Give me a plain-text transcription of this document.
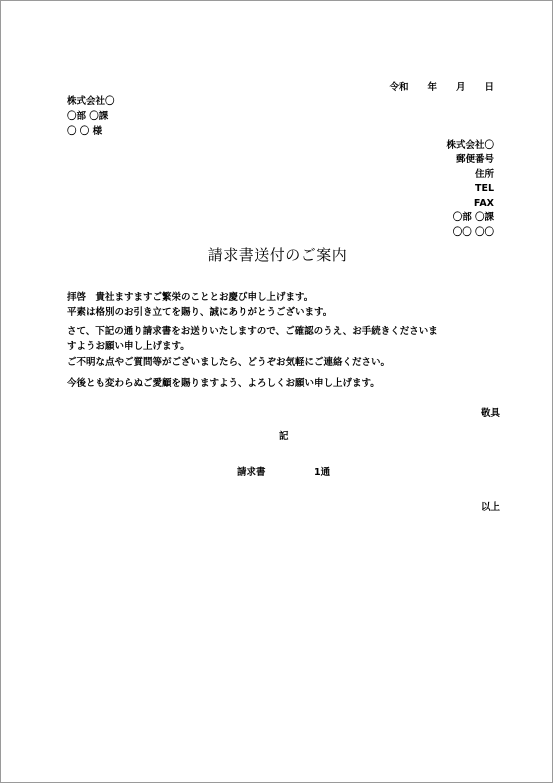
令和　　年　　月　　日
株式会社〇
〇部 〇課
〇 〇 様
株式会社〇
郵便番号
住所
TEL
FAX
〇部 〇課
〇〇 〇〇
請求書送付のご案内
拝啓　貴社ますますご繁栄のこととお慶び申し上げます。
平素は格別のお引き立てを賜り、誠にありがとうございます。
さて、下記の通り請求書をお送りいたしますので、ご確認のうえ、お手続きくださいま
すようお願い申し上げます。
ご不明な点やご質問等がございましたら、どうぞお気軽にご連絡ください。
今後とも変わらぬご愛顧を賜りますよう、よろしくお願い申し上げます。
敬具
記
請求書	1通
以上
